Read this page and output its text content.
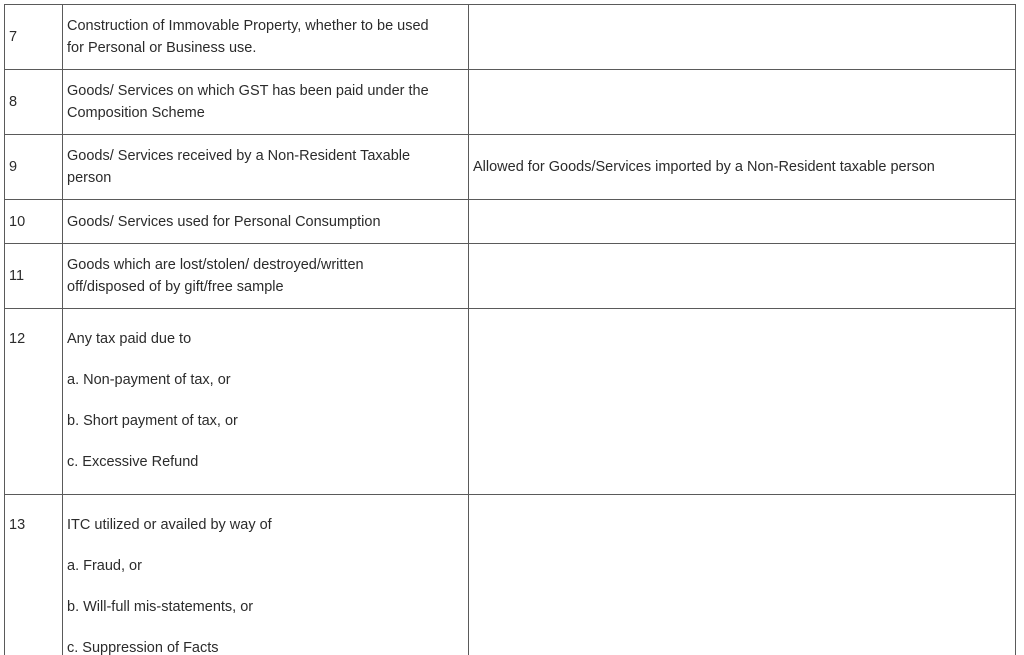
7	Construction of Immovable Property, whether to be used
for Personal or Business use.	

8	Goods/ Services on which GST has been paid under the
Composition Scheme	

9	Goods/ Services received by a Non-Resident Taxable
person	Allowed for Goods/Services imported by a Non-Resident taxable person
10	Goods/ Services used for Personal Consumption	

11	Goods which are lost/stolen/ destroyed/written
off/disposed of by gift/free sample	

12	Any tax paid due to
a. Non-payment of tax, or
b. Short payment of tax, or
c. Excessive Refund	

13	ITC utilized or availed by way of
a. Fraud, or
b. Will-full mis-statements, or
c. Suppression of Facts	
